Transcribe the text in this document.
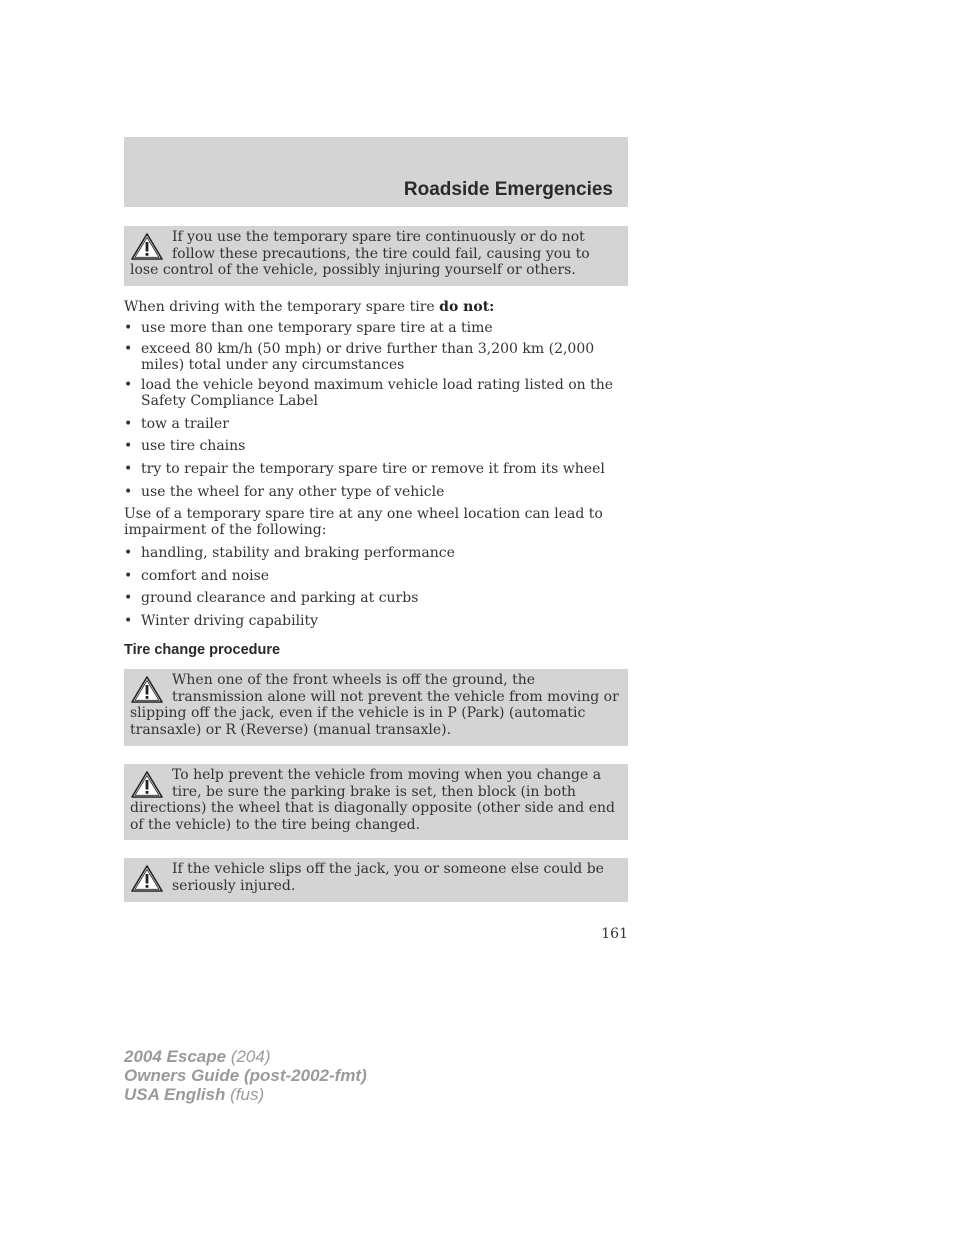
Roadside Emergencies
If you use the temporary spare tire continuously or do not follow these precautions, the tire could fail, causing you to lose control of the vehicle, possibly injuring yourself or others.
When driving with the temporary spare tire do not:
• use more than one temporary spare tire at a time
• exceed 80 km/h (50 mph) or drive further than 3,200 km (2,000 miles) total under any circumstances
• load the vehicle beyond maximum vehicle load rating listed on the Safety Compliance Label
• tow a trailer
• use tire chains
• try to repair the temporary spare tire or remove it from its wheel
• use the wheel for any other type of vehicle
Use of a temporary spare tire at any one wheel location can lead to impairment of the following:
• handling, stability and braking performance
• comfort and noise
• ground clearance and parking at curbs
• Winter driving capability
Tire change procedure
When one of the front wheels is off the ground, the transmission alone will not prevent the vehicle from moving or slipping off the jack, even if the vehicle is in P (Park) (automatic transaxle) or R (Reverse) (manual transaxle).
To help prevent the vehicle from moving when you change a tire, be sure the parking brake is set, then block (in both directions) the wheel that is diagonally opposite (other side and end of the vehicle) to the tire being changed.
If the vehicle slips off the jack, you or someone else could be seriously injured.
161
2004 Escape (204)
Owners Guide (post-2002-fmt)
USA English (fus)
